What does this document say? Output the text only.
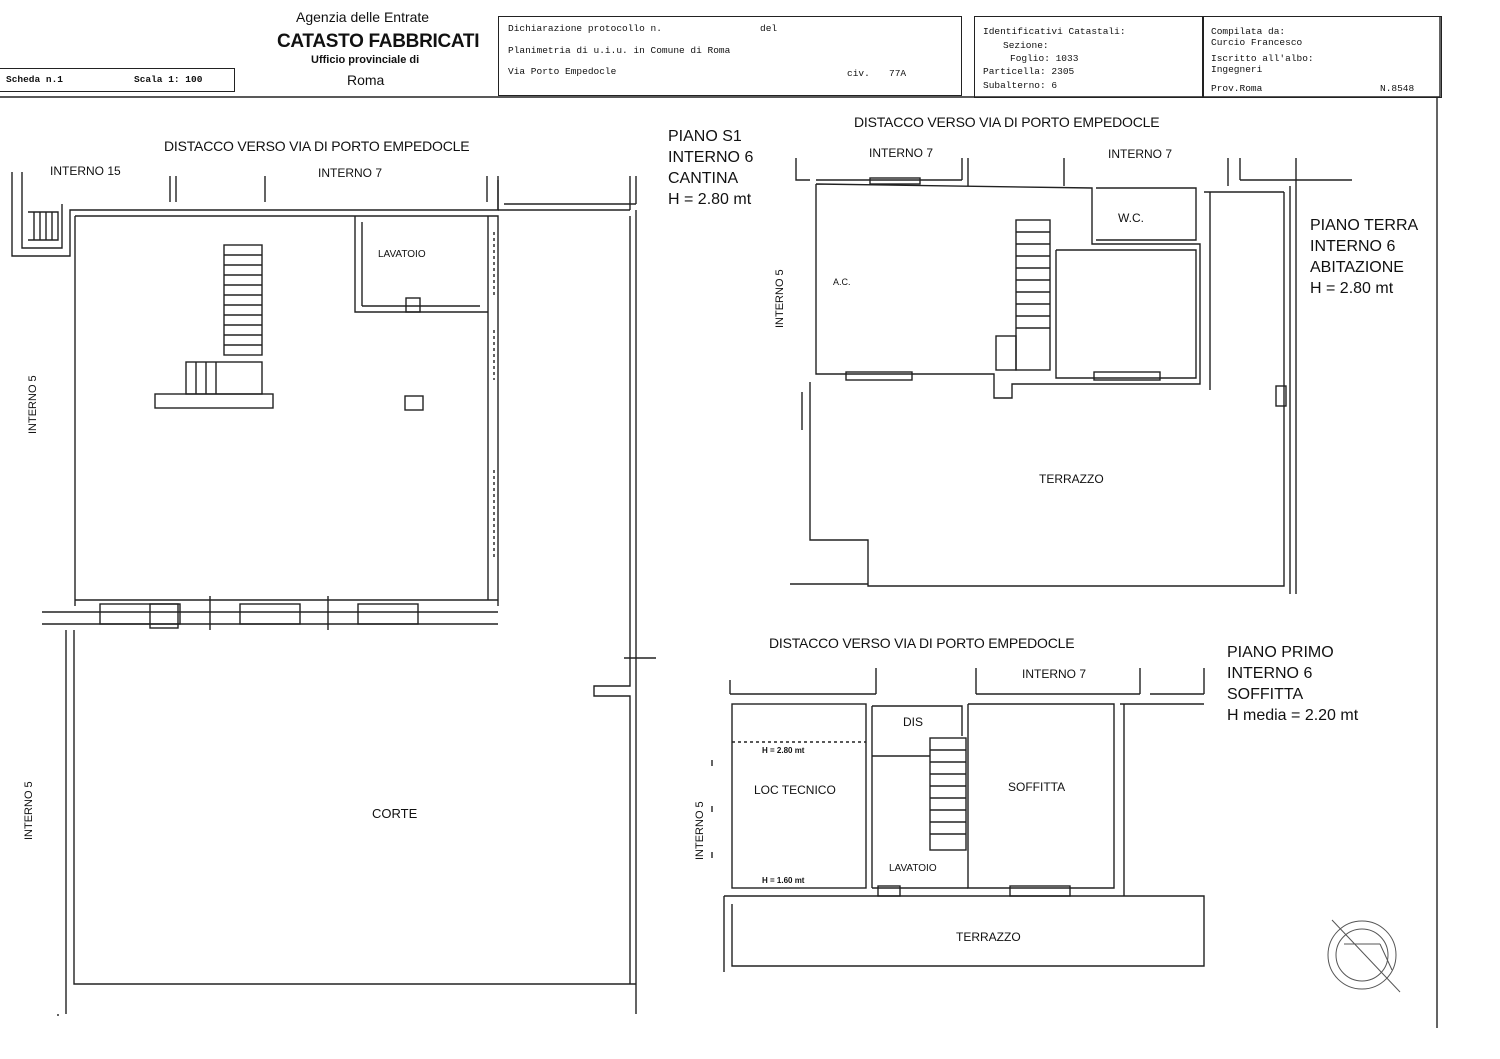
Agenzia delle Entrate
CATASTO FABBRICATI
Ufficio provinciale di
Roma
Scheda n.1	Scala 1: 100
Dichiarazione protocollo n.	del
Planimetria di u.i.u. in Comune di Roma
Via Porto Empedocle	civ. 77A
Identificativi Catastali:
Sezione:
Foglio: 1033
Particella: 2305
Subalterno: 6
Compilata da:
Curcio Francesco
Iscritto all'albo:
Ingegneri
Prov.Roma	N.8548
DISTACCO VERSO VIA DI PORTO EMPEDOCLE
INTERNO 15	INTERNO 7
INTERNO 5
INTERNO 5
LAVATOIO
CORTE
PIANO S1
INTERNO 6
CANTINA
H = 2.80 mt
DISTACCO VERSO VIA DI PORTO EMPEDOCLE
INTERNO 7	INTERNO 7
INTERNO 5
W.C.
A.C.
TERRAZZO
PIANO TERRA
INTERNO 6
ABITAZIONE
H = 2.80 mt
DISTACCO VERSO VIA DI PORTO EMPEDOCLE
INTERNO 7
INTERNO 5
DIS
H = 2.80 mt
LOC TECNICO
H = 1.60 mt
SOFFITTA
LAVATOIO
TERRAZZO
PIANO PRIMO
INTERNO 6
SOFFITTA
H media = 2.20 mt
